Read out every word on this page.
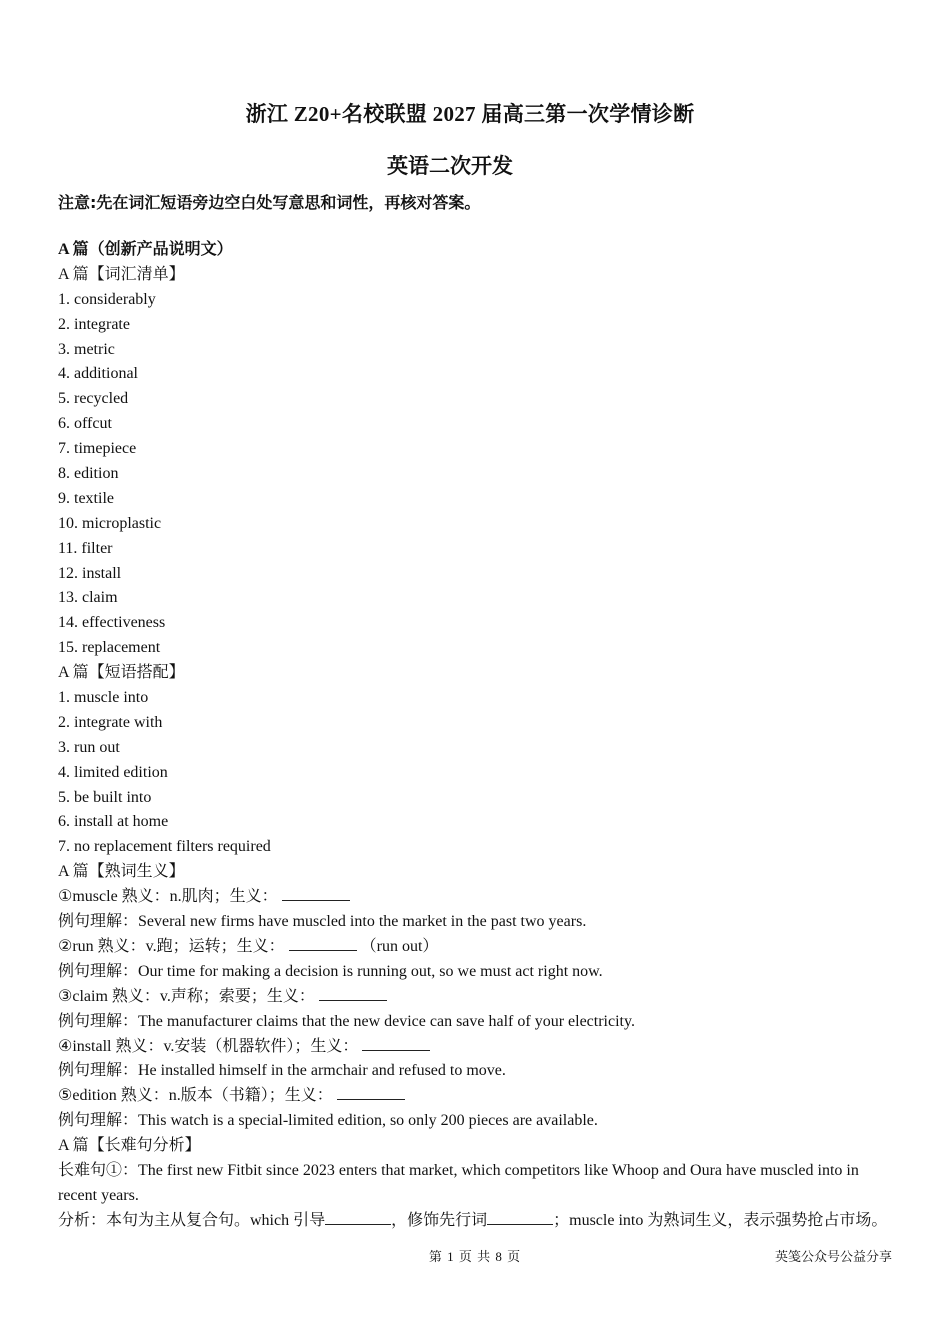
浙江 Z20+名校联盟 2027 届高三第一次学情诊断
英语二次开发
注意:先在词汇短语旁边空白处写意思和词性，再核对答案。
A 篇（创新产品说明文）
A 篇【词汇清单】
1. considerably
2. integrate
3. metric
4. additional
5. recycled
6. offcut
7. timepiece
8. edition
9. textile
10. microplastic
11. filter
12. install
13. claim
14. effectiveness
15. replacement
A 篇【短语搭配】
1. muscle into
2. integrate with
3. run out
4. limited edition
5. be built into
6. install at home
7. no replacement filters required
A 篇【熟词生义】
①muscle 熟义：n.肌肉；生义：
例句理解：Several new firms have muscled into the market in the past two years.
②run 熟义：v.跑；运转；生义：	（run out）
例句理解：Our time for making a decision is running out, so we must act right now.
③claim 熟义：v.声称；索要；生义：
例句理解：The manufacturer claims that the new device can save half of your electricity.
④install 熟义：v.安装（机器软件）；生义：
例句理解：He installed himself in the armchair and refused to move.
⑤edition 熟义：n.版本（书籍）；生义：
例句理解：This watch is a special-limited edition, so only 200 pieces are available.
A 篇【长难句分析】
长难句①：The first new Fitbit since 2023 enters that market, which competitors like Whoop and Oura have muscled into in recent years.
分析：本句为主从复合句。which 引导	，修饰先行词	；muscle into 为熟词生义，表示强势抢占市场。
第 1 页 共 8 页	英笺公众号公益分享
